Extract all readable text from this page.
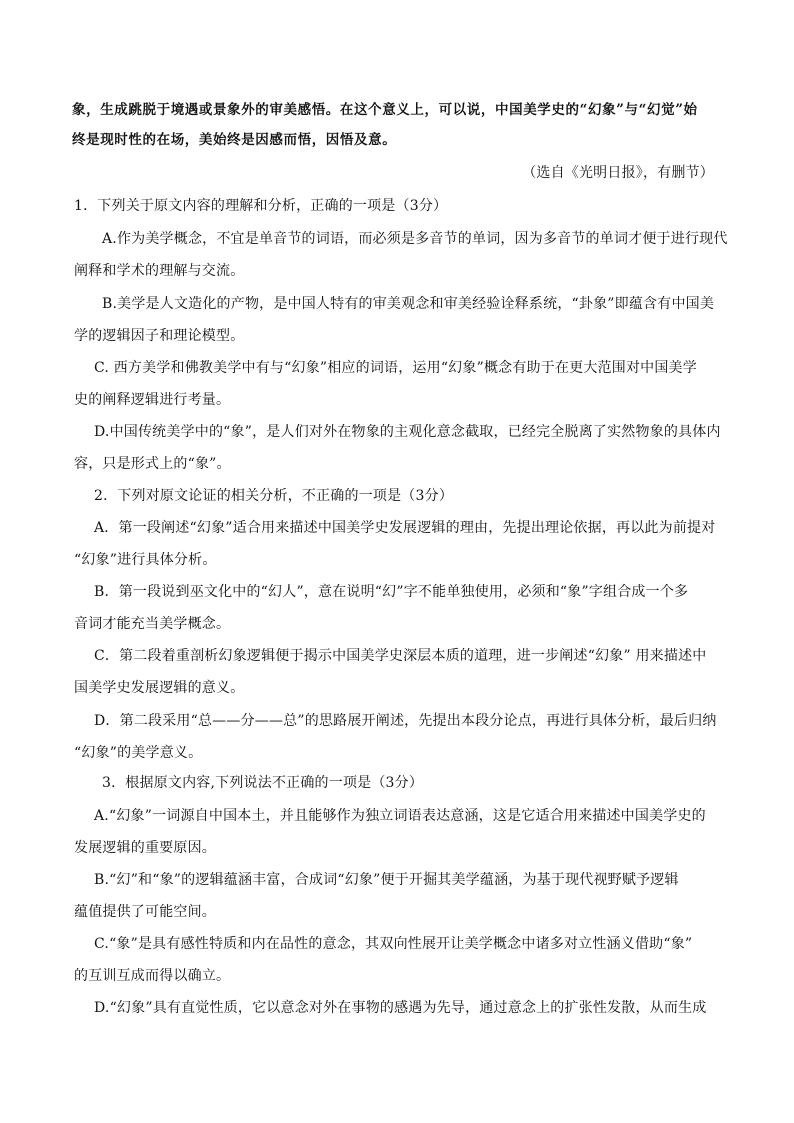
象，生成跳脱于境遇或景象外的审美感悟。在这个意义上，可以说，中国美学史的“幻象”与“幻觉”始
终是现时性的在场，美始终是因感而悟，因悟及意。
（选自《光明日报》，有删节）
1．下列关于原文内容的理解和分析，正确的一项是（3分）
A.作为美学概念，不宜是单音节的词语，而必须是多音节的单词，因为多音节的单词才便于进行现代
阐释和学术的理解与交流。
B.美学是人文造化的产物，是中国人特有的审美观念和审美经验诠释系统，“卦象”即蕴含有中国美
学的逻辑因子和理论模型。
C. 西方美学和佛教美学中有与“幻象”相应的词语，运用“幻象”概念有助于在更大范围对中国美学
史的阐释逻辑进行考量。
D.中国传统美学中的“象”，是人们对外在物象的主观化意念截取，已经完全脱离了实然物象的具体内
容，只是形式上的“象”。
2．下列对原文论证的相关分析，不正确的一项是（3分）
A．第一段阐述“幻象”适合用来描述中国美学史发展逻辑的理由，先提出理论依据，再以此为前提对
“幻象”进行具体分析。
B．第一段说到巫文化中的“幻人”，意在说明“幻”字不能单独使用，必须和“象”字组合成一个多
音词才能充当美学概念。
C．第二段着重剖析幻象逻辑便于揭示中国美学史深层本质的道理，进一步阐述“幻象” 用来描述中
国美学史发展逻辑的意义。
D．第二段采用“总——分——总”的思路展开阐述，先提出本段分论点，再进行具体分析，最后归纳
“幻象”的美学意义。
3．根据原文内容,下列说法不正确的一项是（3分）
A.“幻象”一词源自中国本土，并且能够作为独立词语表达意涵，这是它适合用来描述中国美学史的
发展逻辑的重要原因。
B.“幻”和“象”的逻辑蕴涵丰富，合成词“幻象”便于开掘其美学蕴涵，为基于现代视野赋予逻辑
蕴值提供了可能空间。
C.“象”是具有感性特质和内在品性的意念，其双向性展开让美学概念中诸多对立性涵义借助“象”
的互训互成而得以确立。
D.“幻象”具有直觉性质，它以意念对外在事物的感遇为先导，通过意念上的扩张性发散，从而生成
